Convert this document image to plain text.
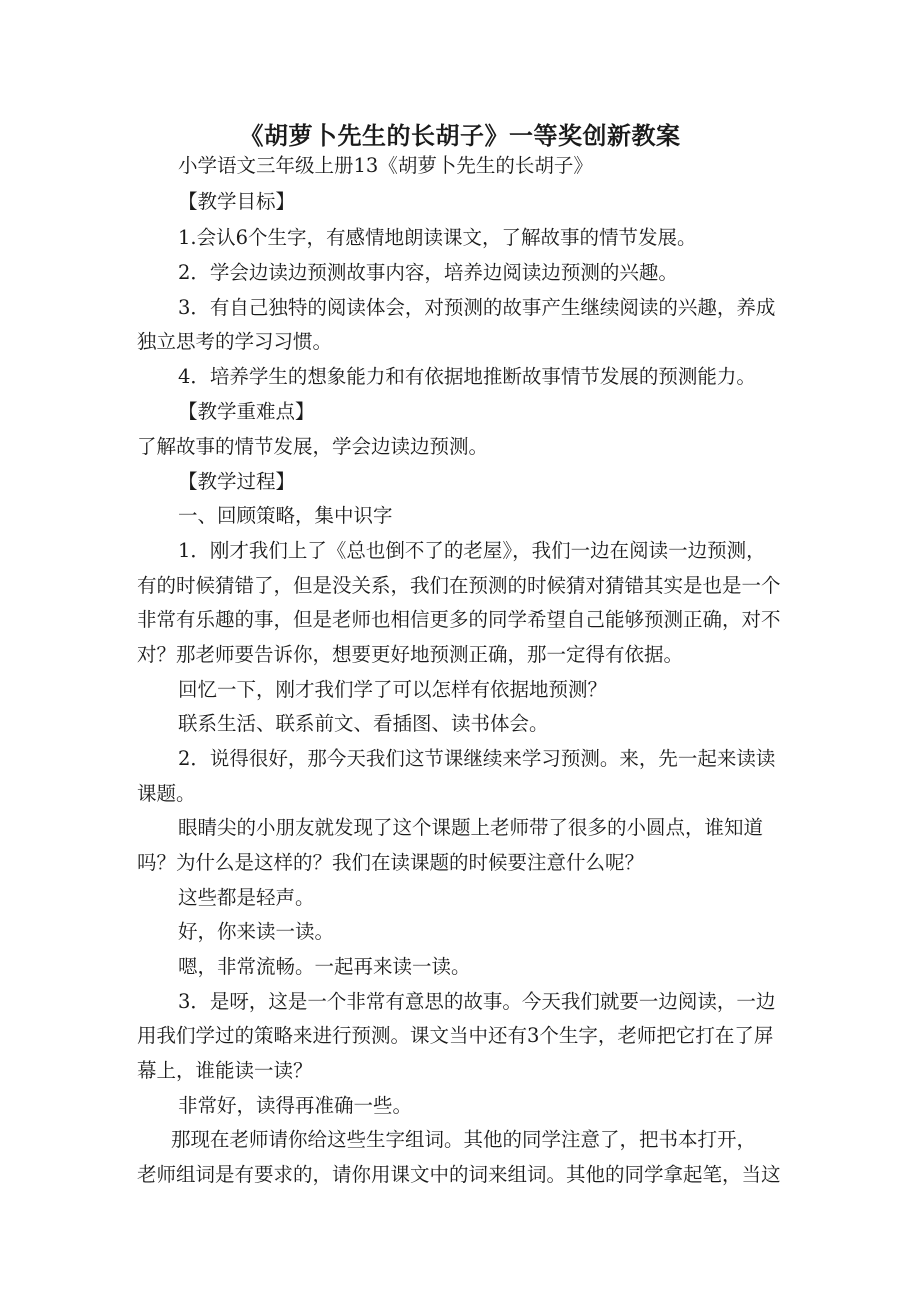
《胡萝卜先生的长胡子》一等奖创新教案
小学语文三年级上册13《胡萝卜先生的长胡子》
【教学目标】
1.会认6个生字，有感情地朗读课文，了解故事的情节发展。
2．学会边读边预测故事内容，培养边阅读边预测的兴趣。
3．有自己独特的阅读体会，对预测的故事产生继续阅读的兴趣，养成
独立思考的学习习惯。
4．培养学生的想象能力和有依据地推断故事情节发展的预测能力。
【教学重难点】
了解故事的情节发展，学会边读边预测。
【教学过程】
一、回顾策略，集中识字
1．刚才我们上了《总也倒不了的老屋》，我们一边在阅读一边预测，
有的时候猜错了，但是没关系，我们在预测的时候猜对猜错其实是也是一个
非常有乐趣的事，但是老师也相信更多的同学希望自己能够预测正确，对不
对？那老师要告诉你，想要更好地预测正确，那一定得有依据。
回忆一下，刚才我们学了可以怎样有依据地预测？
联系生活、联系前文、看插图、读书体会。
2．说得很好，那今天我们这节课继续来学习预测。来，先一起来读读
课题。
眼睛尖的小朋友就发现了这个课题上老师带了很多的小圆点，谁知道
吗？为什么是这样的？我们在读课题的时候要注意什么呢？
这些都是轻声。
好，你来读一读。
嗯，非常流畅。一起再来读一读。
3．是呀，这是一个非常有意思的故事。今天我们就要一边阅读，一边
用我们学过的策略来进行预测。课文当中还有3个生字，老师把它打在了屏
幕上，谁能读一读？
非常好，读得再准确一些。
那现在老师请你给这些生字组词。其他的同学注意了，把书本打开，
老师组词是有要求的，请你用课文中的词来组词。其他的同学拿起笔，当这
